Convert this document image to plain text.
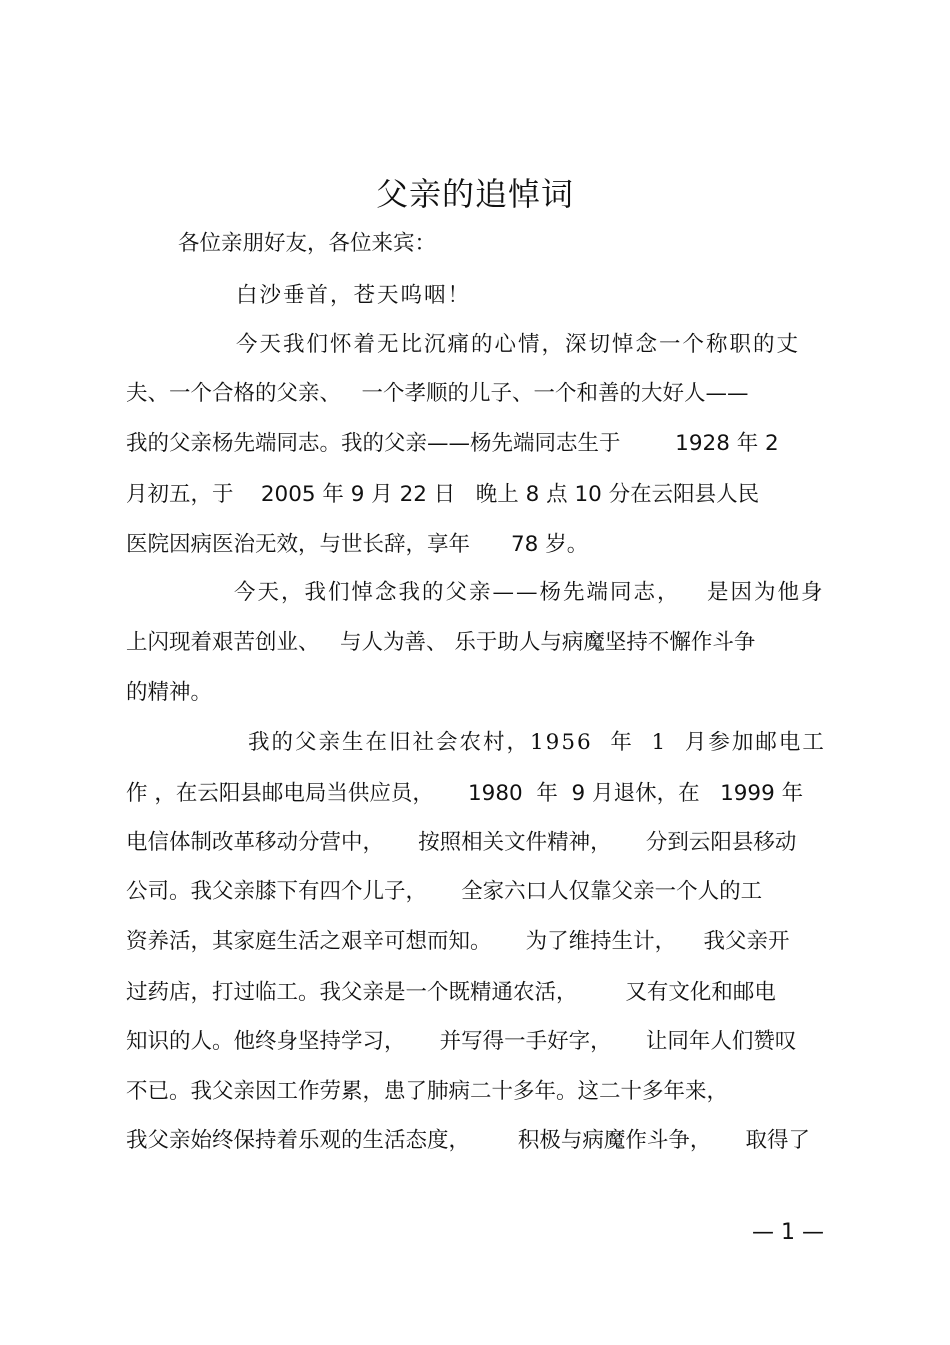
父亲的追悼词
各位亲朋好友，各位来宾：
白沙垂首，苍天呜咽！
今天我们怀着无比沉痛的心情，深切悼念一个称职的丈
夫、一个合格的父亲、   一个孝顺的儿子、一个和善的大好人——
我的父亲杨先端同志。我的父亲——杨先端同志生于        1928 年 2
月初五，于    2005 年 9 月 22 日   晚上 8 点 10 分在云阳县人民
医院因病医治无效，与世长辞，享年      78 岁。
今天，我们悼念我的父亲——杨先端同志，   是因为他身
上闪现着艰苦创业、   与人为善、 乐于助人与病魔坚持不懈作斗争
的精神。
我的父亲生在旧社会农村，1956  年  1  月参加邮电工
作 ，在云阳县邮电局当供应员，     1980  年  9 月退休，在   1999 年
电信体制改革移动分营中，     按照相关文件精神，     分到云阳县移动
公司。我父亲膝下有四个儿子，     全家六口人仅靠父亲一个人的工
资养活，其家庭生活之艰辛可想而知。     为了维持生计，    我父亲开
过药店，打过临工。我父亲是一个既精通农活，       又有文化和邮电
知识的人。他终身坚持学习，     并写得一手好字，     让同年人们赞叹
不已。我父亲因工作劳累，患了肺病二十多年。这二十多年来，
我父亲始终保持着乐观的生活态度，       积极与病魔作斗争，     取得了
— 1 —
